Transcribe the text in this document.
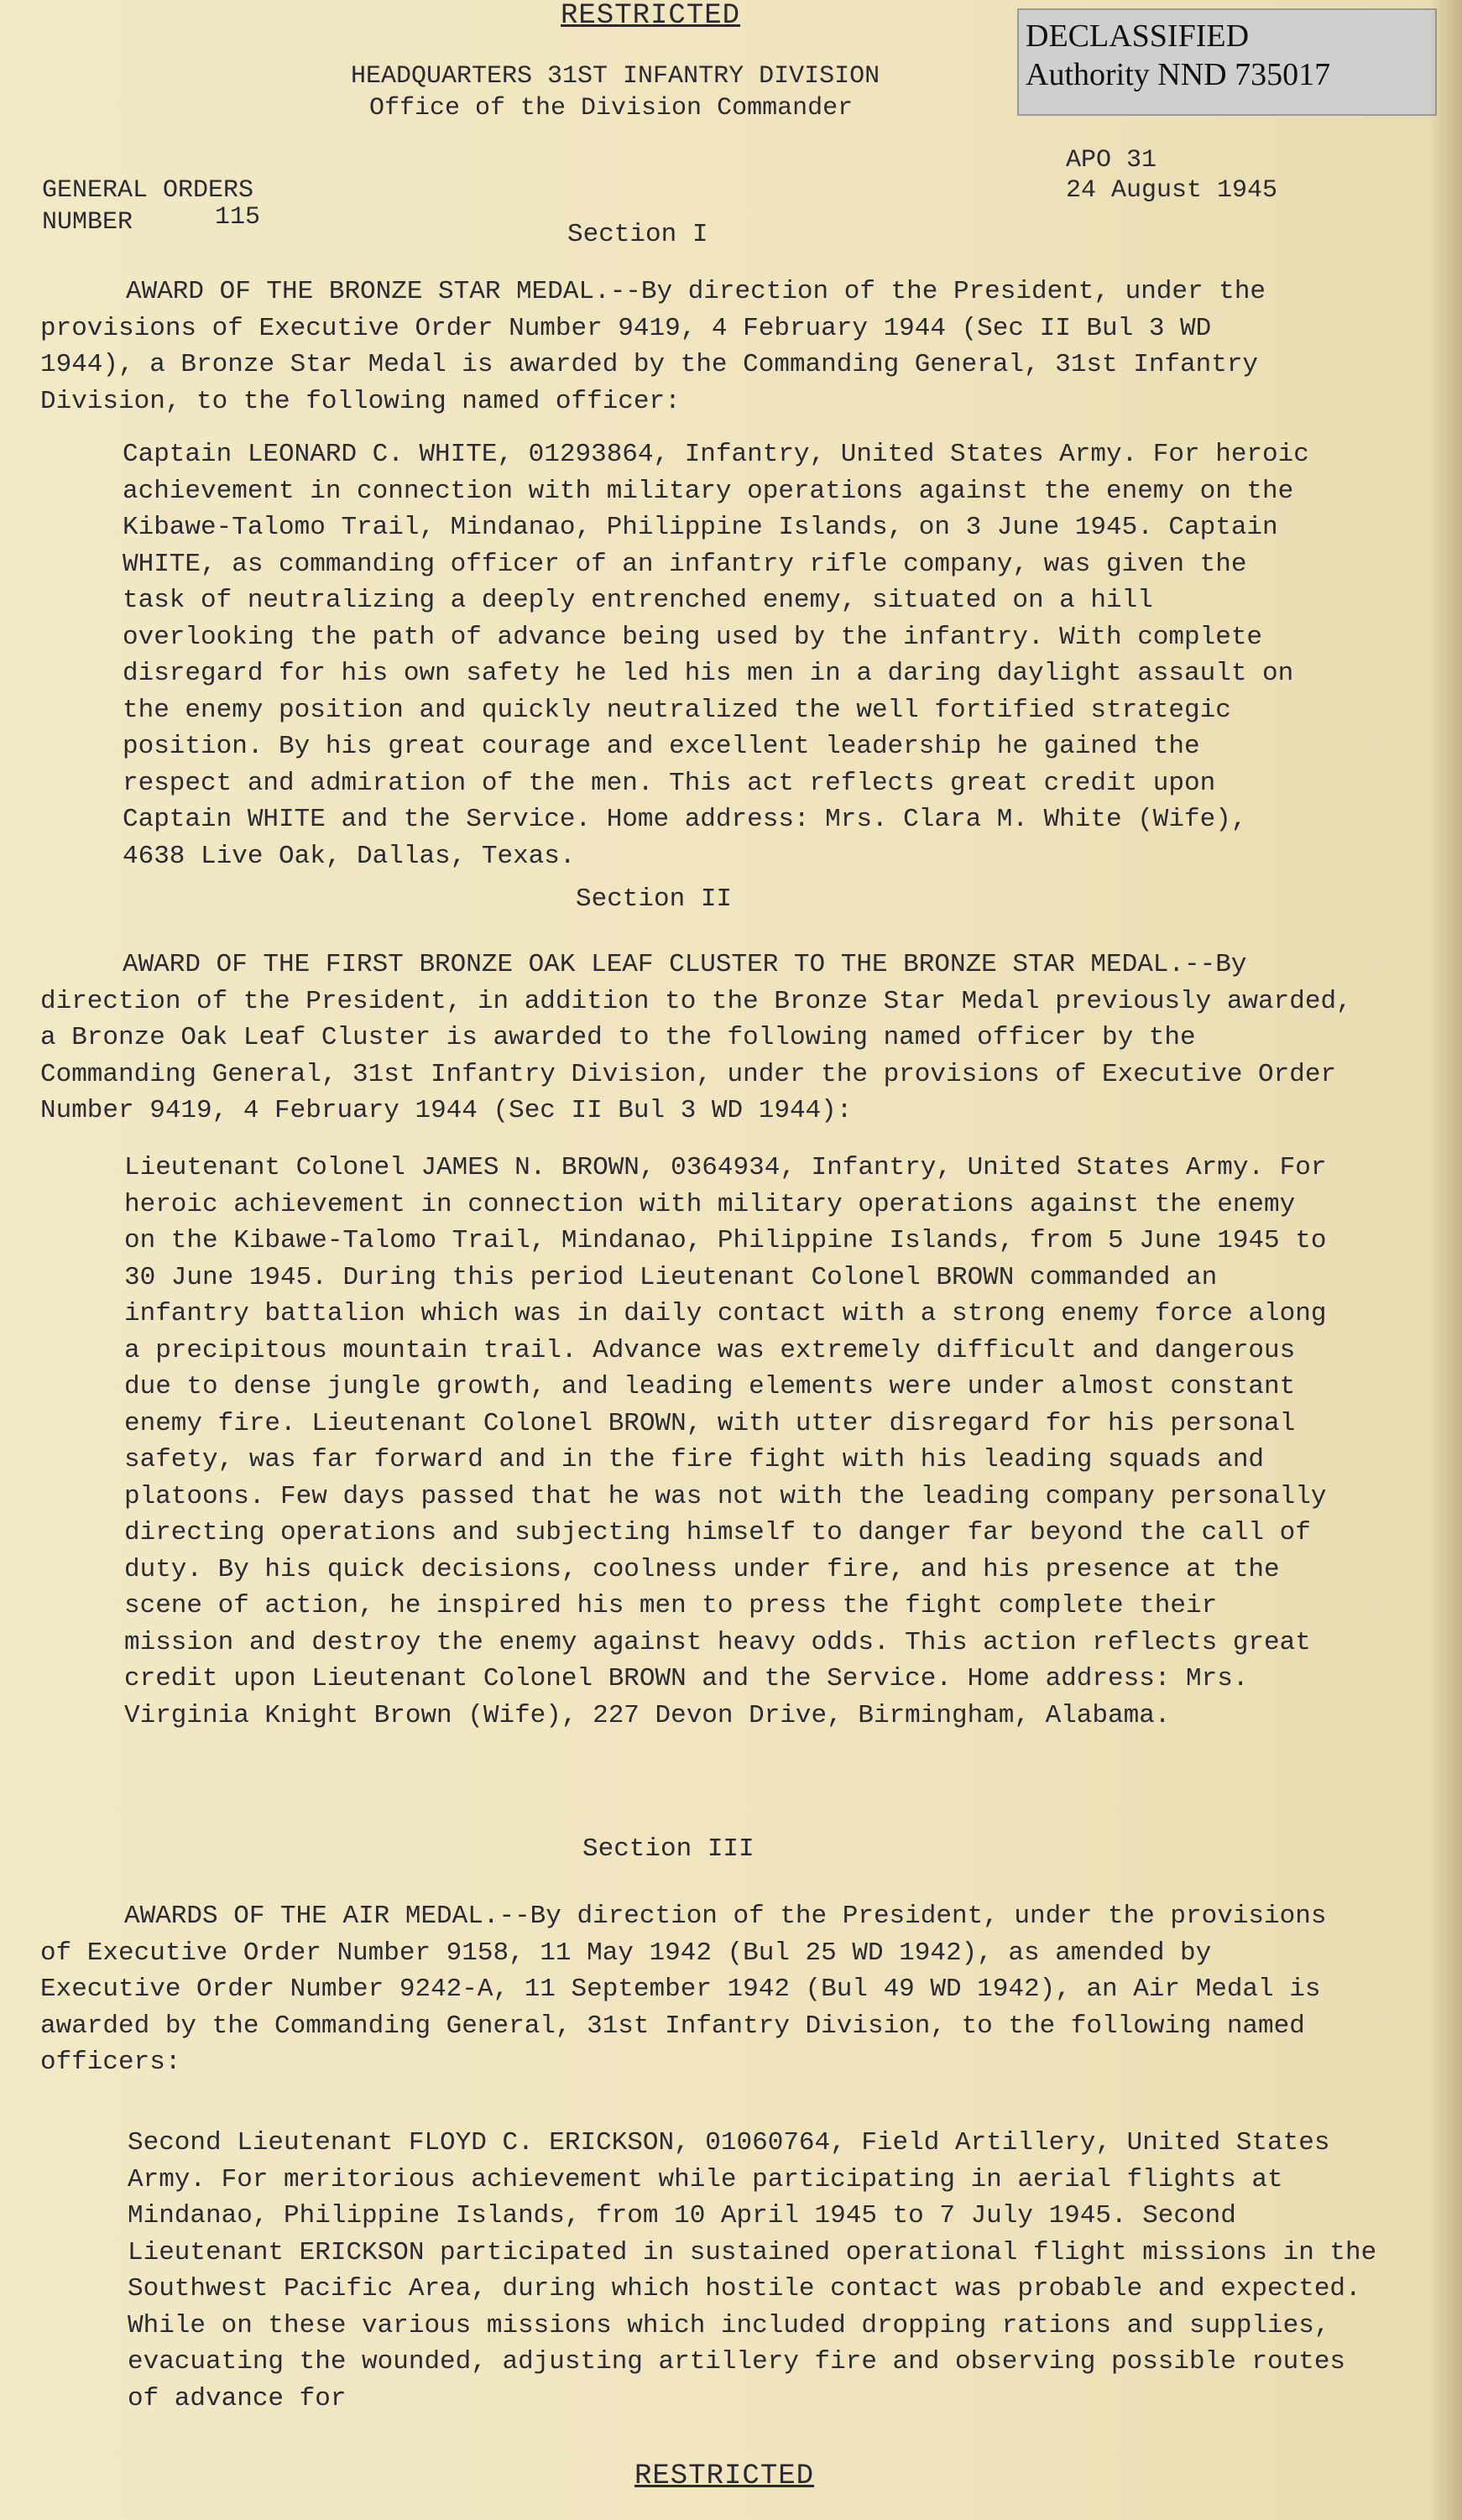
RESTRICTED
DECLASSIFIED
Authority NND 735017
HEADQUARTERS 31ST INFANTRY DIVISION
Office of the Division Commander
GENERAL ORDERS
NUMBER	115
APO 31
24 August 1945
Section I

AWARD OF THE BRONZE STAR MEDAL.--By direction of the President, under the provisions of Executive Order Number 9419, 4 February 1944 (Sec II Bul 3 WD 1944), a Bronze Star Medal is awarded by the Commanding General, 31st Infantry Division, to the following named officer:

Captain LEONARD C. WHITE, 01293864, Infantry, United States Army. For heroic achievement in connection with military operations against the enemy on the Kibawe-Talomo Trail, Mindanao, Philippine Islands, on 3 June 1945. Captain WHITE, as commanding officer of an infantry rifle company, was given the task of neutralizing a deeply entrenched enemy, situated on a hill overlooking the path of advance being used by the infantry. With complete disregard for his own safety he led his men in a daring daylight assault on the enemy position and quickly neutralized the well fortified strategic position. By his great courage and excellent leadership he gained the respect and admiration of the men. This act reflects great credit upon Captain WHITE and the Service. Home address: Mrs. Clara M. White (Wife), 4638 Live Oak, Dallas, Texas.

Section II

AWARD OF THE FIRST BRONZE OAK LEAF CLUSTER TO THE BRONZE STAR MEDAL.--By direction of the President, in addition to the Bronze Star Medal previously awarded, a Bronze Oak Leaf Cluster is awarded to the following named officer by the Commanding General, 31st Infantry Division, under the provisions of Executive Order Number 9419, 4 February 1944 (Sec II Bul 3 WD 1944):

Lieutenant Colonel JAMES N. BROWN, 0364934, Infantry, United States Army. For heroic achievement in connection with military operations against the enemy on the Kibawe-Talomo Trail, Mindanao, Philippine Islands, from 5 June 1945 to 30 June 1945. During this period Lieutenant Colonel BROWN commanded an infantry battalion which was in daily contact with a strong enemy force along a precipitous mountain trail. Advance was extremely difficult and dangerous due to dense jungle growth, and leading elements were under almost constant enemy fire. Lieutenant Colonel BROWN, with utter disregard for his personal safety, was far forward and in the fire fight with his leading squads and platoons. Few days passed that he was not with the leading company personally directing operations and subjecting himself to danger far beyond the call of duty. By his quick decisions, coolness under fire, and his presence at the scene of action, he inspired his men to press the fight complete their mission and destroy the enemy against heavy odds. This action reflects great credit upon Lieutenant Colonel BROWN and the Service. Home address: Mrs. Virginia Knight Brown (Wife), 227 Devon Drive, Birmingham, Alabama.

Section III

AWARDS OF THE AIR MEDAL.--By direction of the President, under the provisions of Executive Order Number 9158, 11 May 1942 (Bul 25 WD 1942), as amended by Executive Order Number 9242-A, 11 September 1942 (Bul 49 WD 1942), an Air Medal is awarded by the Commanding General, 31st Infantry Division, to the following named officers:

Second Lieutenant FLOYD C. ERICKSON, 01060764, Field Artillery, United States Army. For meritorious achievement while participating in aerial flights at Mindanao, Philippine Islands, from 10 April 1945 to 7 July 1945. Second Lieutenant ERICKSON participated in sustained operational flight missions in the Southwest Pacific Area, during which hostile contact was probable and expected. While on these various missions which included dropping rations and supplies, evacuating the wounded, adjusting artillery fire and observing possible routes of advance for

RESTRICTED
